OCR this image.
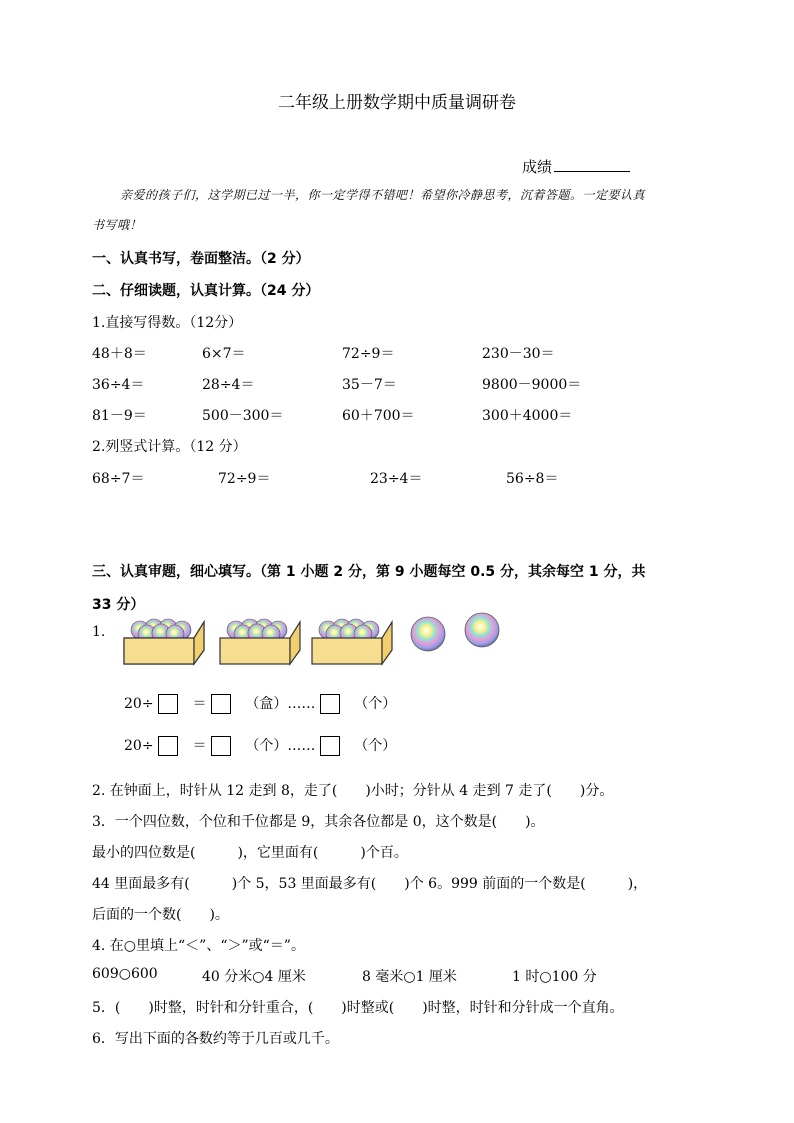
二年级上册数学期中质量调研卷
成绩
亲爱的孩子们，这学期已过一半，你一定学得不错吧！希望你冷静思考，沉着答题。一定要认真
书写哦！
一、认真书写，卷面整洁。（2 分）
二、仔细读题，认真计算。（24 分）
1.直接写得数。（12分）
48＋8＝	6×7＝	72÷9＝	230－30＝
36÷4＝	28÷4＝	35－7＝	9800－9000＝
81－9＝	500－300＝	60＋700＝	300＋4000＝
2.列竖式计算。（12 分）
68÷7＝	72÷9＝	23÷4＝	56÷8＝
三、认真审题，细心填写。（第 1 小题 2 分，第 9 小题每空 0.5 分，其余每空 1 分，共
33 分）
1.
20÷	＝	（盒）……	（个）
20÷	＝	（个）……	（个）
2. 在钟面上，时针从 12 走到 8，走了(　　)小时；分针从 4 走到 7 走了(　　)分。
3．一个四位数，个位和千位都是 9，其余各位都是 0，这个数是(　　)。
最小的四位数是(　　　)，它里面有(　　　)个百。
44 里面最多有(　　　)个 5，53 里面最多有(　　)个 6。999 前面的一个数是(　　　)，
后面的一个数(　　)。
4. 在○里填上“＜”、“＞”或“＝”。
609○600	40 分米○4 厘米	8 毫米○1 厘米	1 时○100 分
5．(　　)时整，时针和分针重合，(　　)时整或(　　)时整，时针和分针成一个直角。
6．写出下面的各数约等于几百或几千。
